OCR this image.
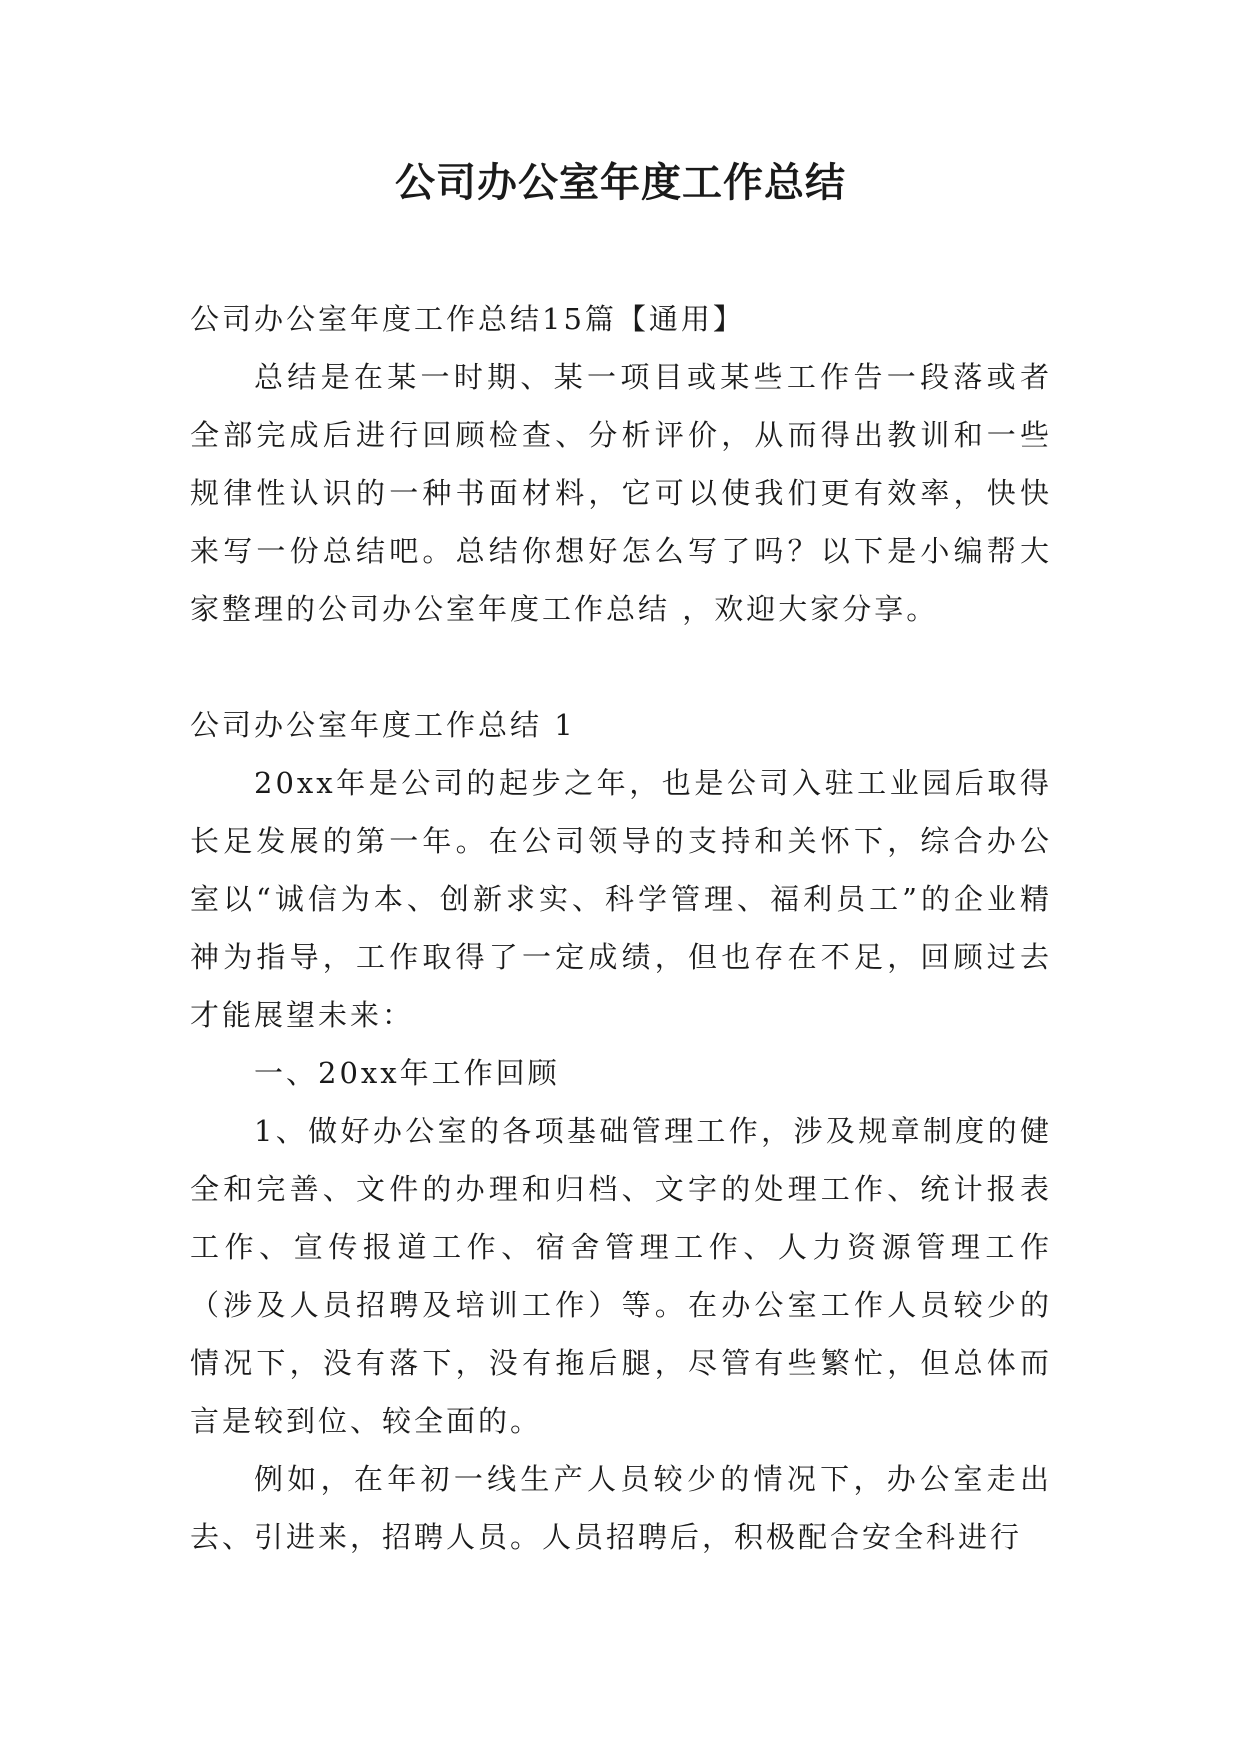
公司办公室年度工作总结

公司办公室年度工作总结15篇【通用】

总结是在某一时期、某一项目或某些工作告一段落或者全部完成后进行回顾检查、分析评价，从而得出教训和一些规律性认识的一种书面材料，它可以使我们更有效率，快快来写一份总结吧。总结你想好怎么写了吗？以下是小编帮大家整理的公司办公室年度工作总结 ，欢迎大家分享。

公司办公室年度工作总结 1

20xx年是公司的起步之年，也是公司入驻工业园后取得长足发展的第一年。在公司领导的支持和关怀下，综合办公室以“诚信为本、创新求实、科学管理、福利员工”的企业精神为指导，工作取得了一定成绩，但也存在不足，回顾过去才能展望未来：

一、20xx年工作回顾

1、做好办公室的各项基础管理工作，涉及规章制度的健全和完善、文件的办理和归档、文字的处理工作、统计报表工作、宣传报道工作、宿舍管理工作、人力资源管理工作（涉及人员招聘及培训工作）等。在办公室工作人员较少的情况下，没有落下，没有拖后腿，尽管有些繁忙，但总体而言是较到位、较全面的。

例如，在年初一线生产人员较少的情况下，办公室走出去、引进来，招聘人员。人员招聘后，积极配合安全科进行
